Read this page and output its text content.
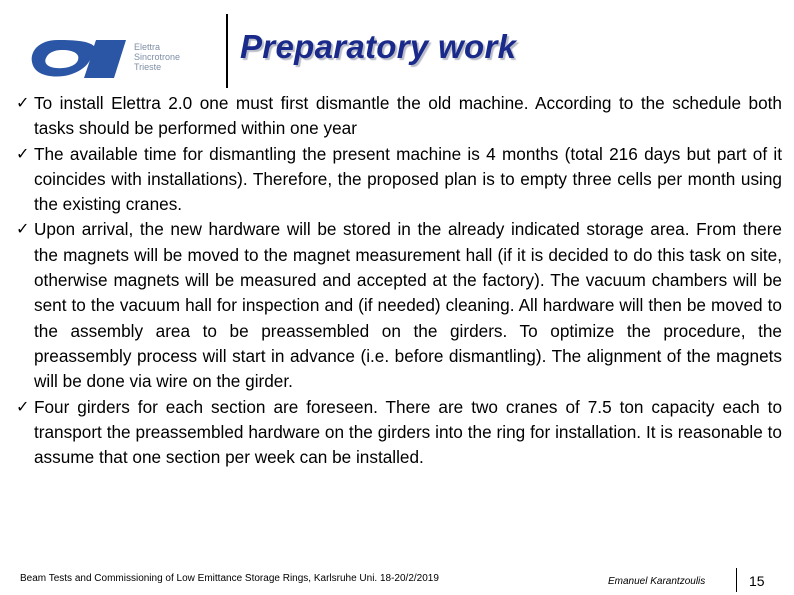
Elettra
Sincrotrone
Trieste
Preparatory work
✓ To install Elettra 2.0 one must first dismantle the old machine. According to the schedule both tasks should be performed within one year
✓ The available time for dismantling the present machine is 4 months (total 216 days but part of it coincides with installations). Therefore, the proposed plan is to empty three cells per month using the existing cranes.
✓ Upon arrival, the new hardware will be stored in the already indicated storage area. From there the magnets will be moved to the magnet measurement hall (if it is decided to do this task on site, otherwise magnets will be measured and accepted at the factory). The vacuum chambers will be sent to the vacuum hall for inspection and (if needed) cleaning. All hardware will then be moved to the assembly area to be preassembled on the girders. To optimize the procedure, the preassembly process will start in advance (i.e. before dismantling). The alignment of the magnets will be done via wire on the girder.
✓ Four girders for each section are foreseen. There are two cranes of 7.5 ton capacity each to transport the preassembled hardware on the girders into the ring for installation. It is reasonable to assume that one section per week can be installed.
Beam Tests and Commissioning of Low Emittance Storage Rings, Karlsruhe Uni. 18-20/2/2019	Emanuel Karantzoulis	15
